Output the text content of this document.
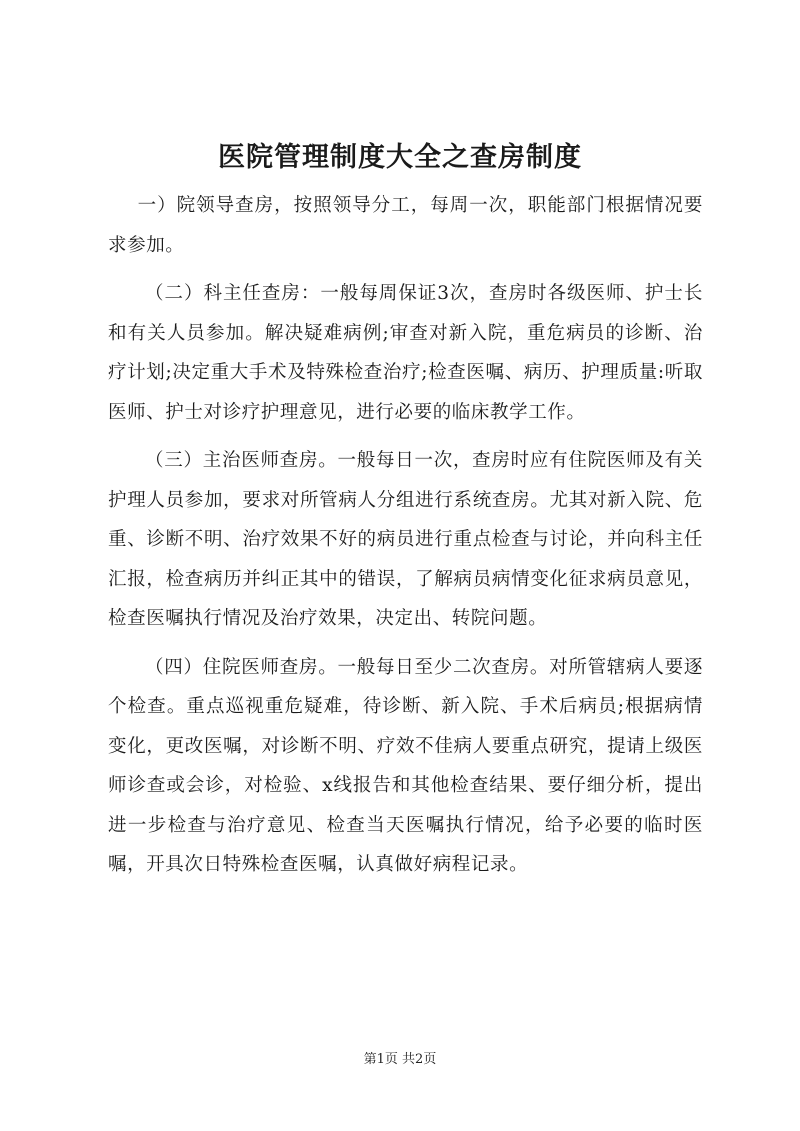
医院管理制度大全之查房制度

一）院领导查房，按照领导分工，每周一次，职能部门根据情况要求参加。

（二）科主任查房：一般每周保证3次，查房时各级医师、护士长和有关人员参加。解决疑难病例;审查对新入院，重危病员的诊断、治疗计划;决定重大手术及特殊检查治疗;检查医嘱、病历、护理质量:听取医师、护士对诊疗护理意见，进行必要的临床教学工作。

（三）主治医师查房。一般每日一次，查房时应有住院医师及有关护理人员参加，要求对所管病人分组进行系统查房。尤其对新入院、危重、诊断不明、治疗效果不好的病员进行重点检查与讨论，并向科主任汇报，检查病历并纠正其中的错误，了解病员病情变化征求病员意见，检查医嘱执行情况及治疗效果，决定出、转院问题。

（四）住院医师查房。一般每日至少二次查房。对所管辖病人要逐个检查。重点巡视重危疑难，待诊断、新入院、手术后病员;根据病情变化，更改医嘱，对诊断不明、疗效不佳病人要重点研究，提请上级医师诊查或会诊，对检验、x线报告和其他检查结果、要仔细分析，提出进一步检查与治疗意见、检查当天医嘱执行情况，给予必要的临时医嘱，开具次日特殊检查医嘱，认真做好病程记录。

第1页 共2页
